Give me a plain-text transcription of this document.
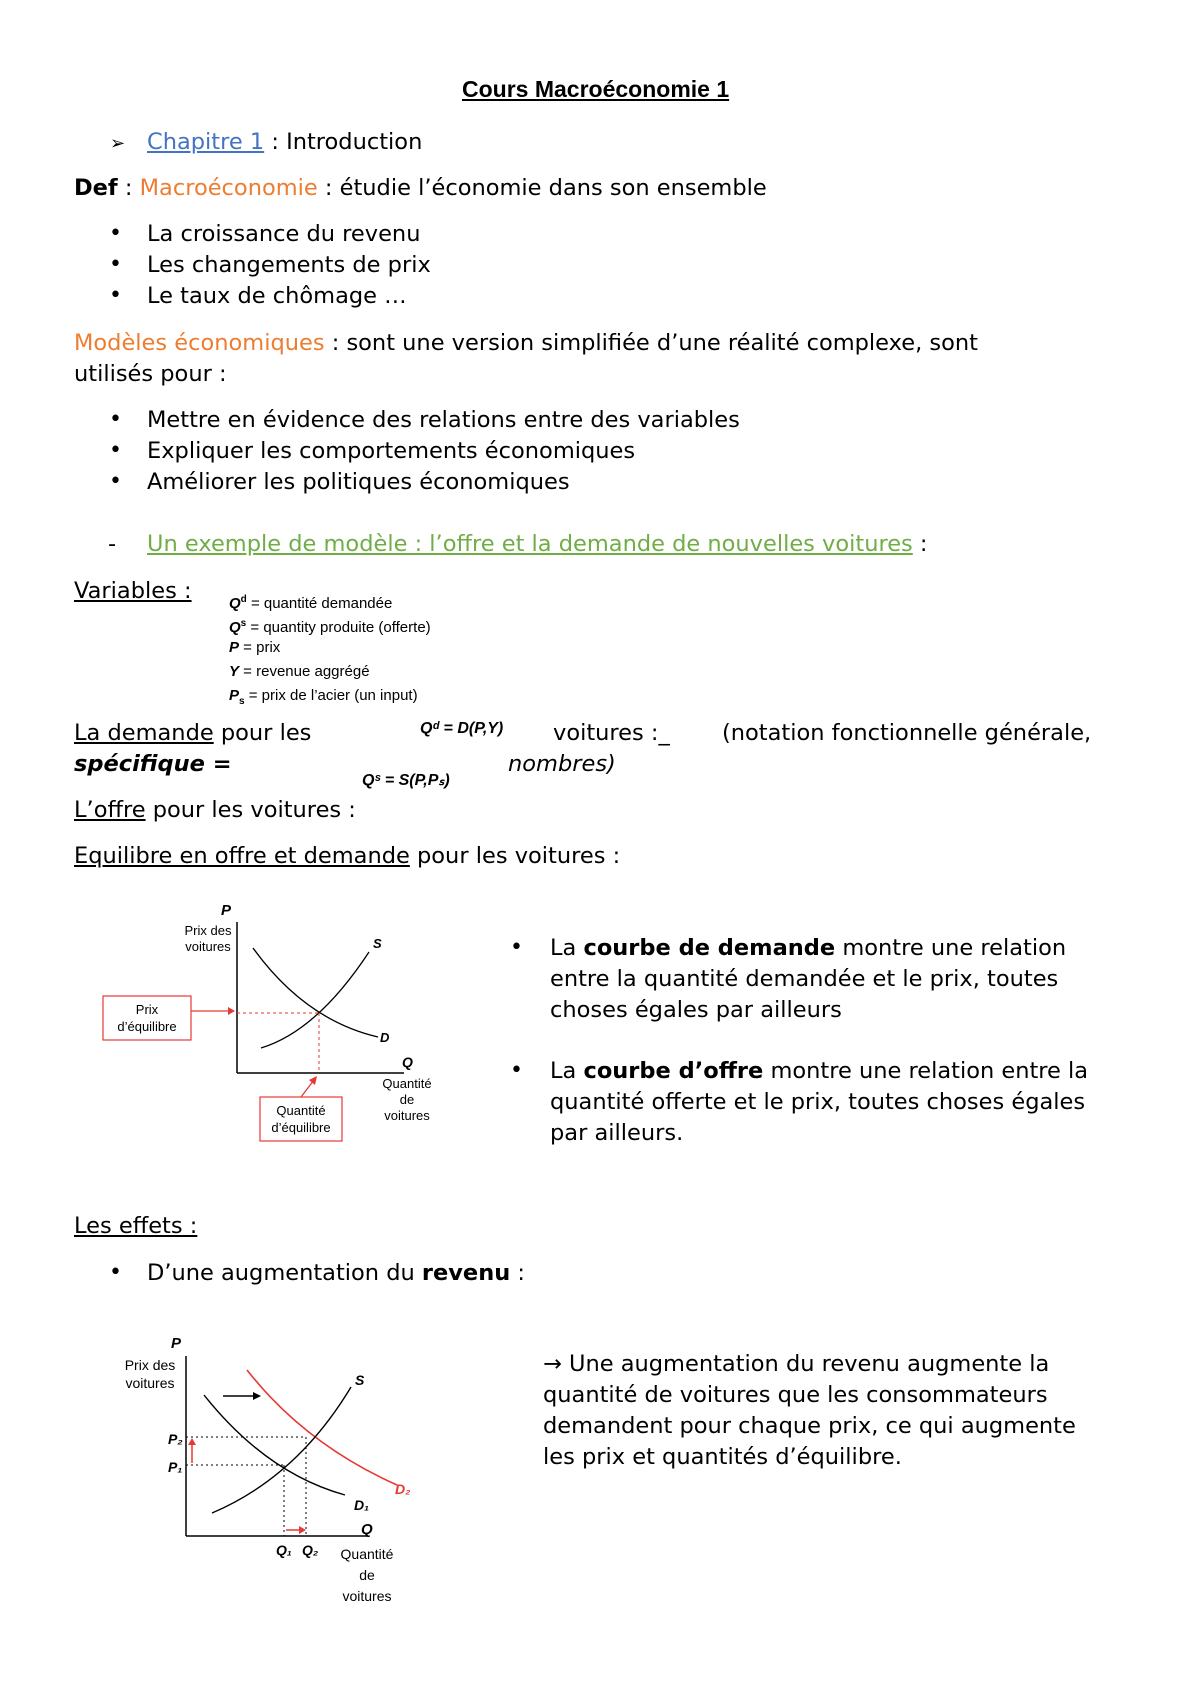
Cours Macroéconomie 1
➢ Chapitre 1 : Introduction
Def : Macroéconomie : étudie l’économie dans son ensemble
• La croissance du revenu
• Les changements de prix
• Le taux de chômage …
Modèles économiques : sont une version simplifiée d’une réalité complexe, sont
utilisés pour :
• Mettre en évidence des relations entre des variables
• Expliquer les comportements économiques
• Améliorer les politiques économiques
- Un exemple de modèle : l’offre et la demande de nouvelles voitures :
Variables : $Q^d$ = quantité demandée
$Q^s$ = quantity produite (offerte)
P = prix
Y = revenue aggrégé
$P_s$ = prix de l’acier (un input)
La demande pour les	Qᵈ = D(P,Y) voitures :_ (notation fonctionnelle générale,
spécifique =
Qˢ = S(P,Pₛ)
nombres)
L’offre pour les voitures :
Equilibre en offre et demande pour les voitures :
P
Prix des
voitures	S
D
Q
Quantité
de
voitures
Prix
d’équilibre
Quantité
d’équilibre
• La courbe de demande montre une relation
entre la quantité demandée et le prix, toutes
choses égales par ailleurs
• La courbe d’offre montre une relation entre la
quantité offerte et le prix, toutes choses égales
par ailleurs.
Les effets :
• D’une augmentation du revenu :
P
Prix des
voitures	S
P₂
P₁
D₁
D₂
Q
Q₁ Q₂ Quantité
de
voitures
→ Une augmentation du revenu augmente la
quantité de voitures que les consommateurs
demandent pour chaque prix, ce qui augmente
les prix et quantités d’équilibre.
